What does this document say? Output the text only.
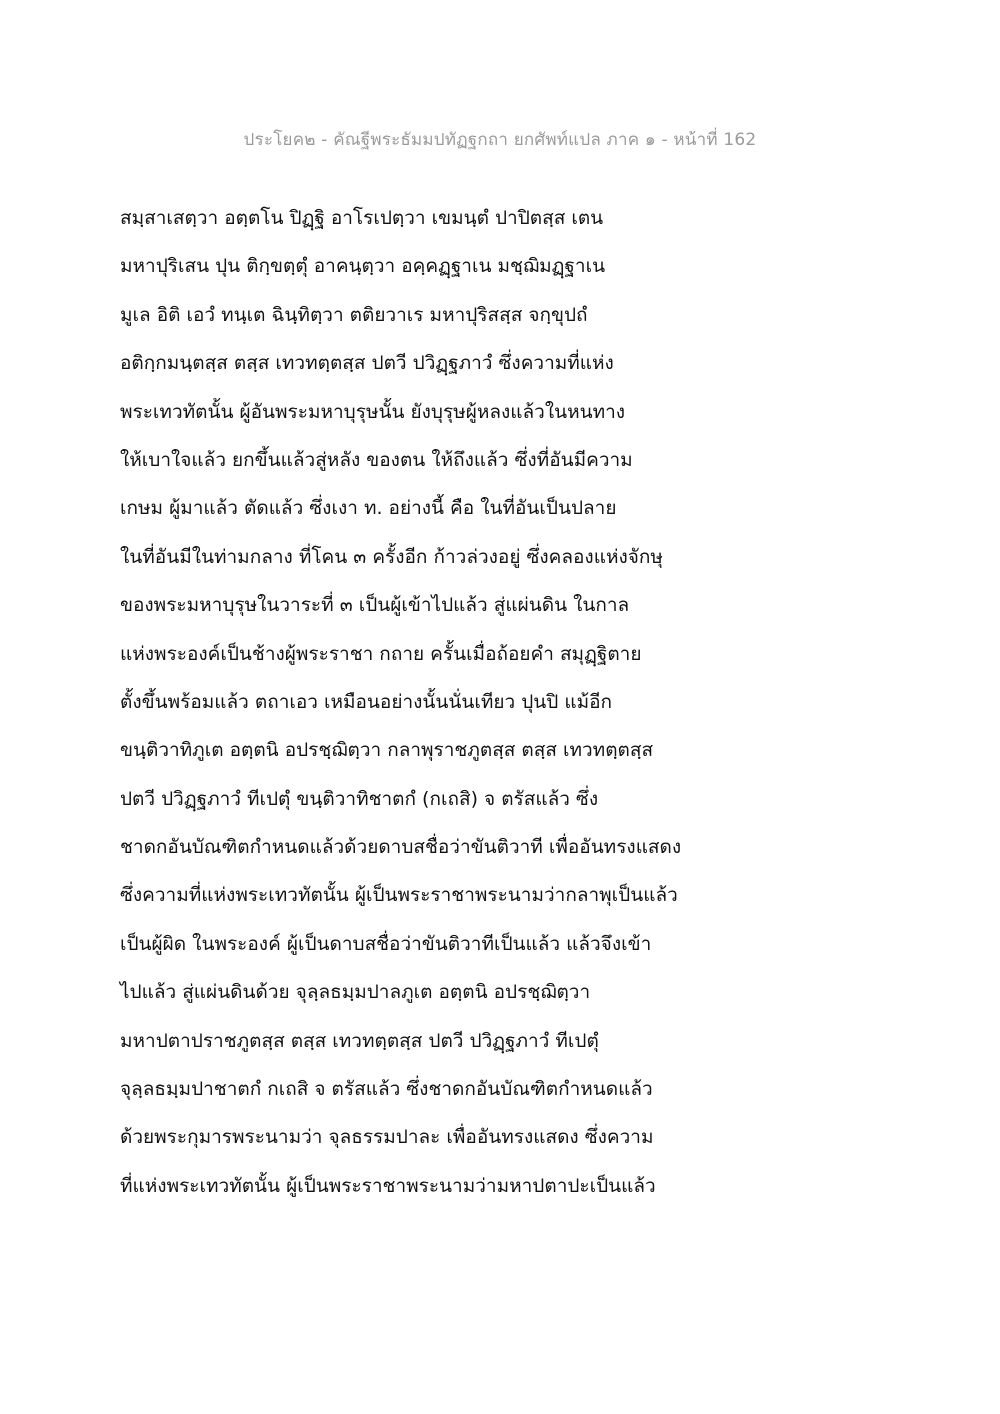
ประโยค๒ - คัณฐีพระธัมมปทัฏฐกถา ยกศัพท์แปล ภาค ๑ - หน้าที่ 162
สมฺสาเสตฺวา อตฺตโน ปิฏฺฐิ อาโรเปตฺวา เขมนฺตํ ปาปิตสฺส เตน
มหาปุริเสน ปุน ติกฺขตฺตุํ อาคนฺตฺวา อคฺคฏฺฐาเน มชฺฌิมฏฺฐาเน
มูเล อิติ เอวํ ทนฺเต ฉินฺทิตฺวา ตติยวาเร มหาปุริสสฺส จกฺขุปถํ
อติกฺกมนฺตสฺส ตสฺส เทวทตฺตสฺส ปตวี ปวิฏฺฐภาวํ ซึ่งความที่แห่ง
พระเทวทัตนั้น ผู้อันพระมหาบุรุษนั้น ยังบุรุษผู้หลงแล้วในหนทาง
ให้เบาใจแล้ว ยกขึ้นแล้วสู่หลัง ของตน ให้ถึงแล้ว ซึ่งที่อันมีความ
เกษม ผู้มาแล้ว ตัดแล้ว ซึ่งเงา ท. อย่างนี้ คือ ในที่อันเป็นปลาย
ในที่อันมีในท่ามกลาง ที่โคน ๓ ครั้งอีก ก้าวล่วงอยู่ ซึ่งคลองแห่งจักษุ
ของพระมหาบุรุษในวาระที่ ๓ เป็นผู้เข้าไปแล้ว สู่แผ่นดิน ในกาล
แห่งพระองค์เป็นช้างผู้พระราชา กถาย ครั้นเมื่อถ้อยคำ สมุฏฺฐิตาย
ตั้งขึ้นพร้อมแล้ว ตถาเอว เหมือนอย่างนั้นนั่นเทียว ปุนปิ แม้อีก
ขนฺติวาทิภูเต อตฺตนิ อปรชฺฌิตฺวา กลาพุราชภูตสฺส ตสฺส เทวทตฺตสฺส
ปตวี ปวิฏฺฐภาวํ ทีเปตุํ ขนฺติวาทิชาตกํ (กเถสิ) จ ตรัสแล้ว ซึ่ง
ชาดกอันบัณฑิตกำหนดแล้วด้วยดาบสชื่อว่าขันติวาที เพื่ออันทรงแสดง
ซึ่งความที่แห่งพระเทวทัตนั้น ผู้เป็นพระราชาพระนามว่ากลาพุเป็นแล้ว
เป็นผู้ผิด ในพระองค์ ผู้เป็นดาบสชื่อว่าขันติวาทีเป็นแล้ว แล้วจึงเข้า
ไปแล้ว สู่แผ่นดินด้วย จุลฺลธมฺมปาลภูเต อตฺตนิ อปรชฺฌิตฺวา
มหาปตาปราชภูตสฺส ตสฺส เทวทตฺตสฺส ปตวี ปวิฏฺฐภาวํ ทีเปตุํ
จุลฺลธมฺมปาชาตกํ กเถสิ จ ตรัสแล้ว ซึ่งชาดกอันบัณฑิตกำหนดแล้ว
ด้วยพระกุมารพระนามว่า จุลธรรมปาละ เพื่ออันทรงแสดง ซึ่งความ
ที่แห่งพระเทวทัตนั้น ผู้เป็นพระราชาพระนามว่ามหาปตาปะเป็นแล้ว
